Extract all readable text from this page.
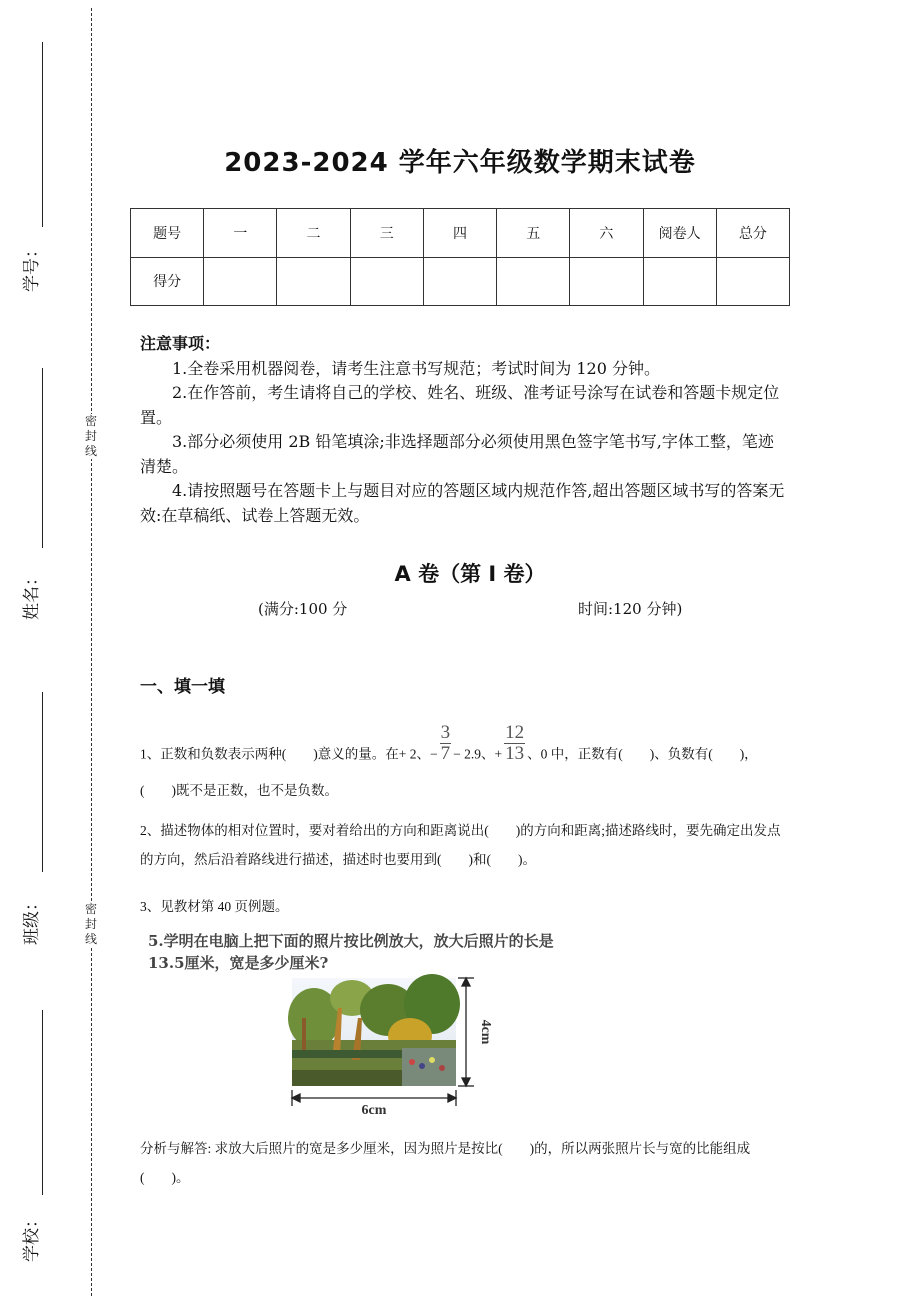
学号：
姓名：
班级：
学校：
密封线
密封线
2023-2024 学年六年级数学期末试卷
题号	一	二	三	四	五	六	阅卷人	总分
得分								
注意事项：

1.全卷采用机器阅卷，请考生注意书写规范；考试时间为 120 分钟。

2.在作答前，考生请将自己的学校、姓名、班级、准考证号涂写在试卷和答题卡规定位置。

3.部分必须使用 2B 铅笔填涂;非选择题部分必须使用黑色签字笔书写,字体工整，笔迹清楚。

4.请按照题号在答题卡上与题目对应的答题区域内规范作答,超出答题区域书写的答案无效:在草稿纸、试卷上答题无效。

A 卷（第 I 卷）
(满分:100 分	时间:120 分钟)
一、填一填
1、正数和负数表示两种(　　)意义的量。在+ 2、− $\frac{3}{7} - 2.9$、+ $\frac{12}{13}$ 、0 中，正数有(　　)、负数有(　　)，(　　)既不是正数，也不是负数。
2、描述物体的相对位置时，要对着给出的方向和距离说出(　　)的方向和距离;描述路线时，要先确定出发点的方向，然后沿着路线进行描述，描述时也要用到(　　)和(　　)。
3、见教材第 40 页例题。
5.学明在电脑上把下面的照片按比例放大，放大后照片的长是
13.5厘米，宽是多少厘米?
4cm
6cm
分析与解答: 求放大后照片的宽是多少厘米，因为照片是按比(　　)的，所以两张照片长与宽的比能组成(　　)。
